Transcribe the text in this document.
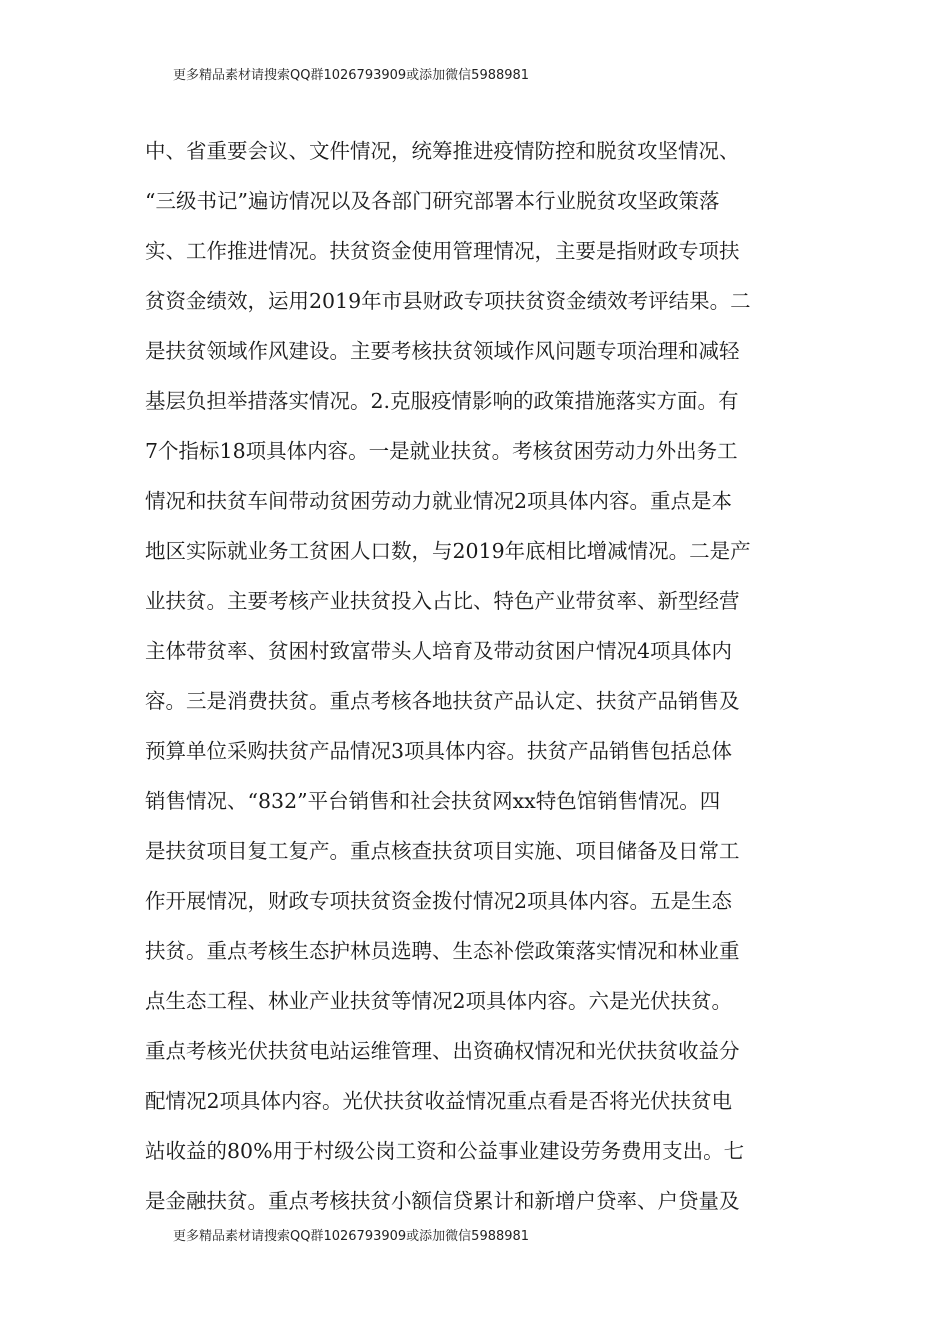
更多精品素材请搜索QQ群1026793909或添加微信5988981
中、省重要会议、文件情况，统筹推进疫情防控和脱贫攻坚情况、
“三级书记”遍访情况以及各部门研究部署本行业脱贫攻坚政策落
实、工作推进情况。扶贫资金使用管理情况，主要是指财政专项扶
贫资金绩效，运用2019年市县财政专项扶贫资金绩效考评结果。二
是扶贫领域作风建设。主要考核扶贫领域作风问题专项治理和减轻
基层负担举措落实情况。2.克服疫情影响的政策措施落实方面。有
7个指标18项具体内容。一是就业扶贫。考核贫困劳动力外出务工
情况和扶贫车间带动贫困劳动力就业情况2项具体内容。重点是本
地区实际就业务工贫困人口数，与2019年底相比增减情况。二是产
业扶贫。主要考核产业扶贫投入占比、特色产业带贫率、新型经营
主体带贫率、贫困村致富带头人培育及带动贫困户情况4项具体内
容。三是消费扶贫。重点考核各地扶贫产品认定、扶贫产品销售及
预算单位采购扶贫产品情况3项具体内容。扶贫产品销售包括总体
销售情况、“832”平台销售和社会扶贫网xx特色馆销售情况。四
是扶贫项目复工复产。重点核查扶贫项目实施、项目储备及日常工
作开展情况，财政专项扶贫资金拨付情况2项具体内容。五是生态
扶贫。重点考核生态护林员选聘、生态补偿政策落实情况和林业重
点生态工程、林业产业扶贫等情况2项具体内容。六是光伏扶贫。
重点考核光伏扶贫电站运维管理、出资确权情况和光伏扶贫收益分
配情况2项具体内容。光伏扶贫收益情况重点看是否将光伏扶贫电
站收益的80%用于村级公岗工资和公益事业建设劳务费用支出。七
是金融扶贫。重点考核扶贫小额信贷累计和新增户贷率、户贷量及
更多精品素材请搜索QQ群1026793909或添加微信5988981
